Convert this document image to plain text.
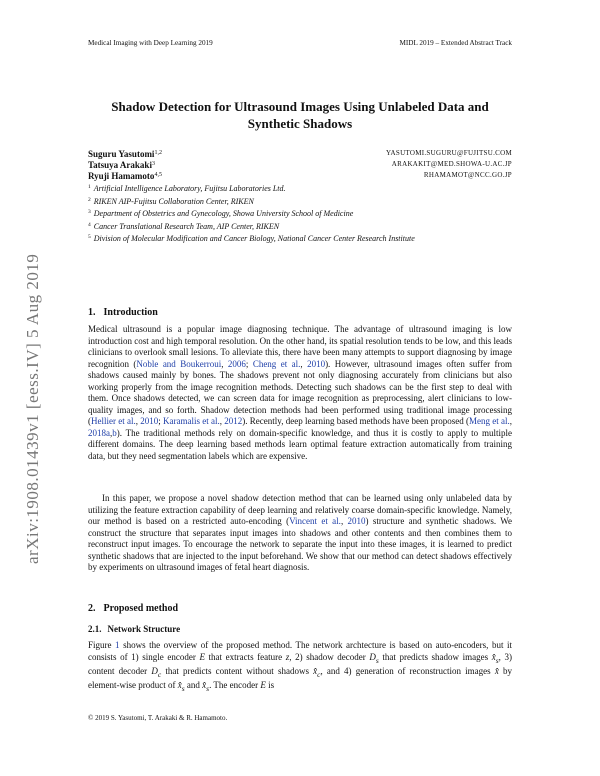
Medical Imaging with Deep Learning 2019	MIDL 2019 – Extended Abstract Track
arXiv:1908.01439v1 [eess.IV] 5 Aug 2019
Shadow Detection for Ultrasound Images Using Unlabeled Data and Synthetic Shadows
Suguru Yasutomi$^{1,2}$	YASUTOMI.SUGURU@FUJITSU.COM
Tatsuya Arakaki$^3$	ARAKAKIT@MED.SHOWA-U.AC.JP
Ryuji Hamamoto$^{4,5}$	RHAMAMOT@NCC.GO.JP
$^1$ Artificial Intelligence Laboratory, Fujitsu Laboratories Ltd.
$^2$ RIKEN AIP-Fujitsu Collaboration Center, RIKEN
$^3$ Department of Obstetrics and Gynecology, Showa University School of Medicine
$^4$ Cancer Translational Research Team, AIP Center, RIKEN
$^5$ Division of Molecular Modification and Cancer Biology, National Cancer Center Research Institute
1. Introduction

Medical ultrasound is a popular image diagnosing technique. The advantage of ultrasound imaging is low introduction cost and high temporal resolution. On the other hand, its spatial resolution tends to be low, and this leads clinicians to overlook small lesions. To alleviate this, there have been many attempts to support diagnosing by image recognition (Noble and Boukerroui, 2006; Cheng et al., 2010). However, ultrasound images often suffer from shadows caused mainly by bones. The shadows prevent not only diagnosing accurately from clinicians but also working properly from the image recognition methods. Detecting such shadows can be the first step to deal with them. Once shadows detected, we can screen data for image recognition as preprocessing, alert clinicians to low-quality images, and so forth. Shadow detection methods had been performed using traditional image processing (Hellier et al., 2010; Karamalis et al., 2012). Recently, deep learning based methods have been proposed (Meng et al., 2018a,b). The traditional methods rely on domain-specific knowledge, and thus it is costly to apply to multiple different domains. The deep learning based methods learn optimal feature extraction automatically from training data, but they need segmentation labels which are expensive.

In this paper, we propose a novel shadow detection method that can be learned using only unlabeled data by utilizing the feature extraction capability of deep learning and relatively coarse domain-specific knowledge. Namely, our method is based on a restricted auto-encoding (Vincent et al., 2010) structure and synthetic shadows. We construct the structure that separates input images into shadows and other contents and then combines them to reconstruct input images. To encourage the network to separate the input into these images, it is learned to predict synthetic shadows that are injected to the input beforehand. We show that our method can detect shadows effectively by experiments on ultrasound images of fetal heart diagnosis.

2. Proposed method
2.1. Network Structure

Figure 1 shows the overview of the proposed method. The network archtecture is based on auto-encoders, but it consists of 1) single encoder E that extracts feature z, 2) shadow decoder $D_s$ that predicts shadow images $x̂_s$, 3) content decoder $D_c$ that predicts content without shadows $x̂_c$, and 4) generation of reconstruction images x̂ by element-wise product of $x̂_s$ and $x̂_s$. The encoder E is

© 2019 S. Yasutomi, T. Arakaki & R. Hamamoto.
